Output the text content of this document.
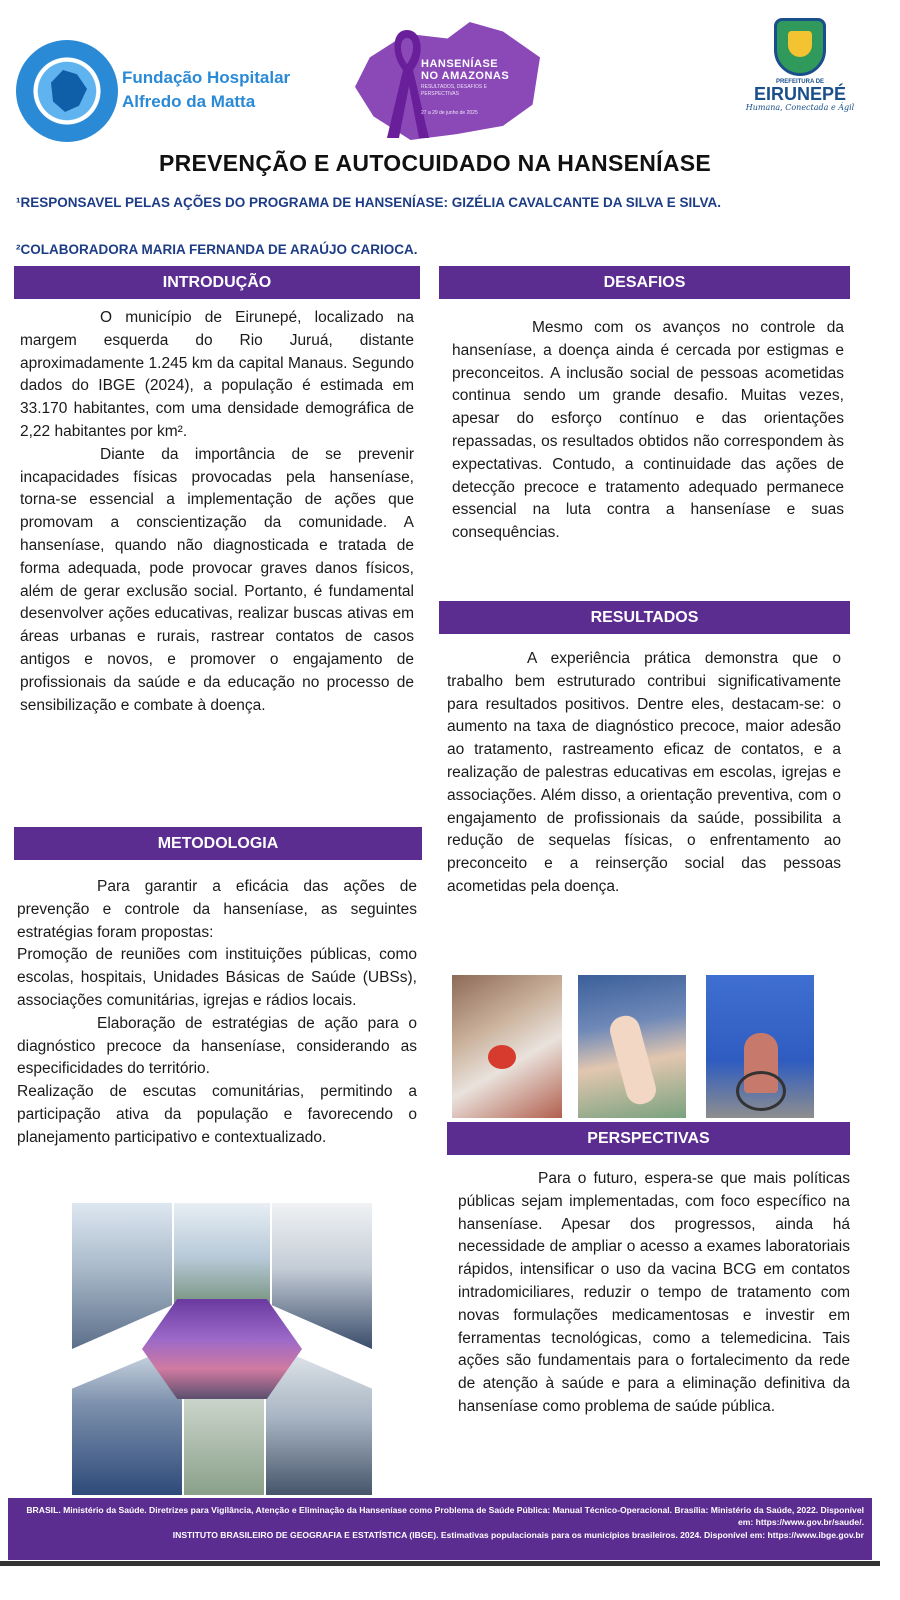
Fundação Hospitalar
Alfredo da Matta
HANSENÍASE
NO AMAZONAS
RESULTADOS, DESAFIOS E PERSPECTIVAS
27 a 29 de junho de 2025
PREFEITURA DE
EIRUNEPÉ
Humana, Conectada e Ágil
PREVENÇÃO E AUTOCUIDADO NA HANSENÍASE
¹RESPONSAVEL PELAS AÇÕES DO PROGRAMA DE HANSENÍASE: GIZÉLIA CAVALCANTE DA SILVA E SILVA.
²COLABORADORA MARIA FERNANDA DE ARAÚJO CARIOCA.
INTRODUÇÃO

O município de Eirunepé, localizado na margem esquerda do Rio Juruá, distante aproximadamente 1.245 km da capital Manaus. Segundo dados do IBGE (2024), a população é estimada em 33.170 habitantes, com uma densidade demográfica de 2,22 habitantes por km².

Diante da importância de se prevenir incapacidades físicas provocadas pela hanseníase, torna-se essencial a implementação de ações que promovam a conscientização da comunidade. A hanseníase, quando não diagnosticada e tratada de forma adequada, pode provocar graves danos físicos, além de gerar exclusão social. Portanto, é fundamental desenvolver ações educativas, realizar buscas ativas em áreas urbanas e rurais, rastrear contatos de casos antigos e novos, e promover o engajamento de profissionais da saúde e da educação no processo de sensibilização e combate à doença.

METODOLOGIA

Para garantir a eficácia das ações de prevenção e controle da hanseníase, as seguintes estratégias foram propostas:

Promoção de reuniões com instituições públicas, como escolas, hospitais, Unidades Básicas de Saúde (UBSs), associações comunitárias, igrejas e rádios locais.

Elaboração de estratégias de ação para o diagnóstico precoce da hanseníase, considerando as especificidades do território.

Realização de escutas comunitárias, permitindo a participação ativa da população e favorecendo o planejamento participativo e contextualizado.

DESAFIOS

Mesmo com os avanços no controle da hanseníase, a doença ainda é cercada por estigmas e preconceitos. A inclusão social de pessoas acometidas continua sendo um grande desafio. Muitas vezes, apesar do esforço contínuo e das orientações repassadas, os resultados obtidos não correspondem às expectativas. Contudo, a continuidade das ações de detecção precoce e tratamento adequado permanece essencial na luta contra a hanseníase e suas consequências.

RESULTADOS

A experiência prática demonstra que o trabalho bem estruturado contribui significativamente para resultados positivos. Dentre eles, destacam-se: o aumento na taxa de diagnóstico precoce, maior adesão ao tratamento, rastreamento eficaz de contatos, e a realização de palestras educativas em escolas, igrejas e associações. Além disso, a orientação preventiva, com o engajamento de profissionais da saúde, possibilita a redução de sequelas físicas, o enfrentamento ao preconceito e a reinserção social das pessoas acometidas pela doença.

PERSPECTIVAS

Para o futuro, espera-se que mais políticas públicas sejam implementadas, com foco específico na hanseníase. Apesar dos progressos, ainda há necessidade de ampliar o acesso a exames laboratoriais rápidos, intensificar o uso da vacina BCG em contatos intradomiciliares, reduzir o tempo de tratamento com novas formulações medicamentosas e investir em ferramentas tecnológicas, como a telemedicina. Tais ações são fundamentais para o fortalecimento da rede de atenção à saúde e para a eliminação definitiva da hanseníase como problema de saúde pública.

BRASIL. Ministério da Saúde. Diretrizes para Vigilância, Atenção e Eliminação da Hanseníase como Problema de Saúde Pública: Manual Técnico-Operacional. Brasília: Ministério da Saúde, 2022. Disponível em: https://www.gov.br/saude/.
INSTITUTO BRASILEIRO DE GEOGRAFIA E ESTATÍSTICA (IBGE). Estimativas populacionais para os municípios brasileiros. 2024. Disponível em: https://www.ibge.gov.br
